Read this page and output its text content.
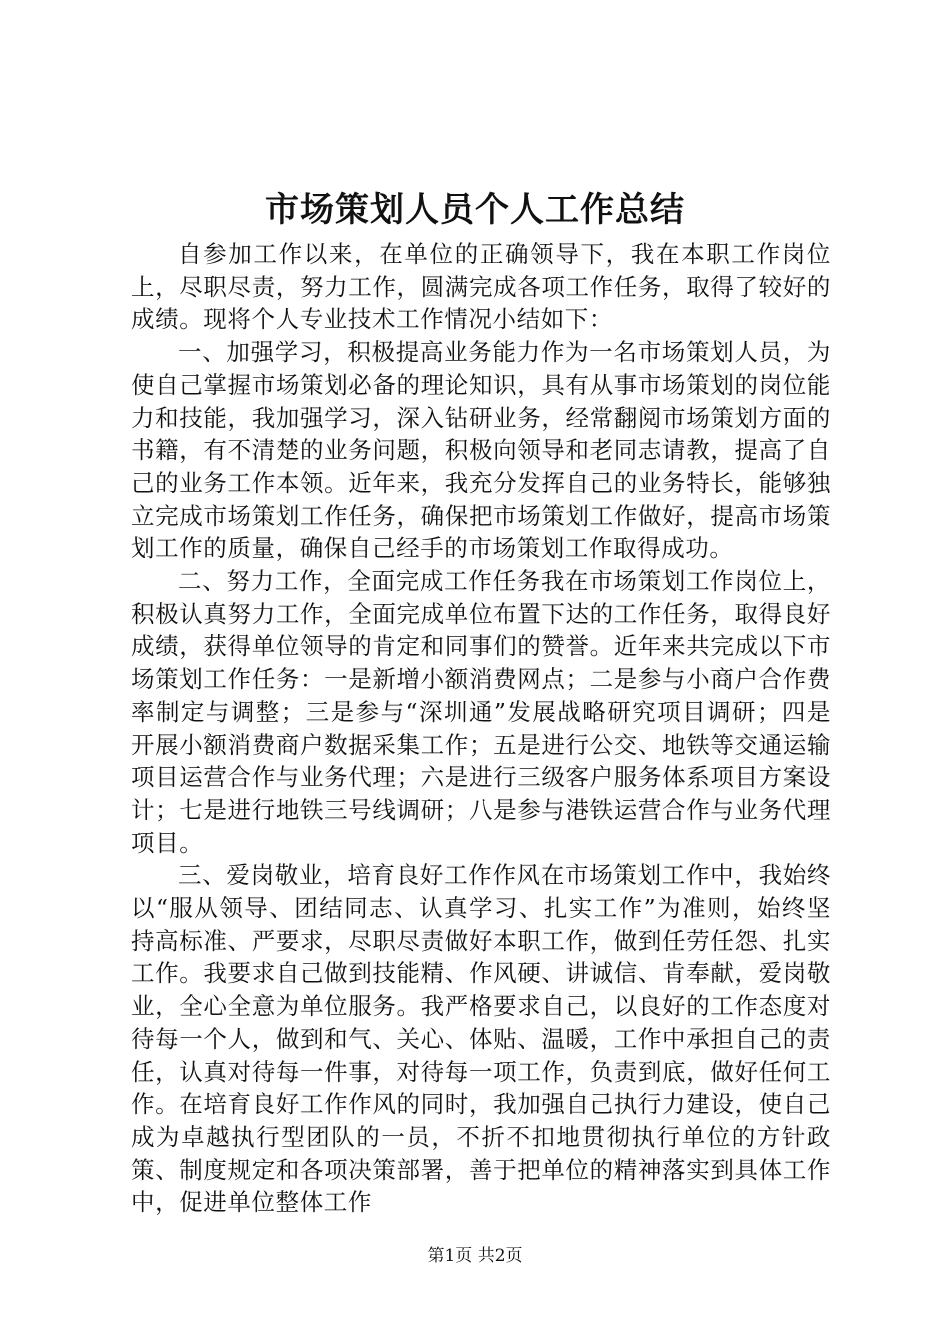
市场策划人员个人工作总结

自参加工作以来，在单位的正确领导下，我在本职工作岗位上，尽职尽责，努力工作，圆满完成各项工作任务，取得了较好的成绩。现将个人专业技术工作情况小结如下：

一、加强学习，积极提高业务能力作为一名市场策划人员，为使自己掌握市场策划必备的理论知识，具有从事市场策划的岗位能力和技能，我加强学习，深入钻研业务，经常翻阅市场策划方面的书籍，有不清楚的业务问题，积极向领导和老同志请教，提高了自己的业务工作本领。近年来，我充分发挥自己的业务特长，能够独立完成市场策划工作任务，确保把市场策划工作做好，提高市场策划工作的质量，确保自己经手的市场策划工作取得成功。

二、努力工作，全面完成工作任务我在市场策划工作岗位上，积极认真努力工作，全面完成单位布置下达的工作任务，取得良好成绩，获得单位领导的肯定和同事们的赞誉。近年来共完成以下市场策划工作任务：一是新增小额消费网点；二是参与小商户合作费率制定与调整；三是参与“深圳通”发展战略研究项目调研；四是开展小额消费商户数据采集工作；五是进行公交、地铁等交通运输项目运营合作与业务代理；六是进行三级客户服务体系项目方案设计；七是进行地铁三号线调研；八是参与港铁运营合作与业务代理项目。

三、爱岗敬业，培育良好工作作风在市场策划工作中，我始终以“服从领导、团结同志、认真学习、扎实工作”为准则，始终坚持高标准、严要求，尽职尽责做好本职工作，做到任劳任怨、扎实工作。我要求自己做到技能精、作风硬、讲诚信、肯奉献，爱岗敬业，全心全意为单位服务。我严格要求自己，以良好的工作态度对待每一个人，做到和气、关心、体贴、温暖，工作中承担自己的责任，认真对待每一件事，对待每一项工作，负责到底，做好任何工作。在培育良好工作作风的同时，我加强自己执行力建设，使自己成为卓越执行型团队的一员，不折不扣地贯彻执行单位的方针政策、制度规定和各项决策部署，善于把单位的精神落实到具体工作中，促进单位整体工作

第1页 共2页
